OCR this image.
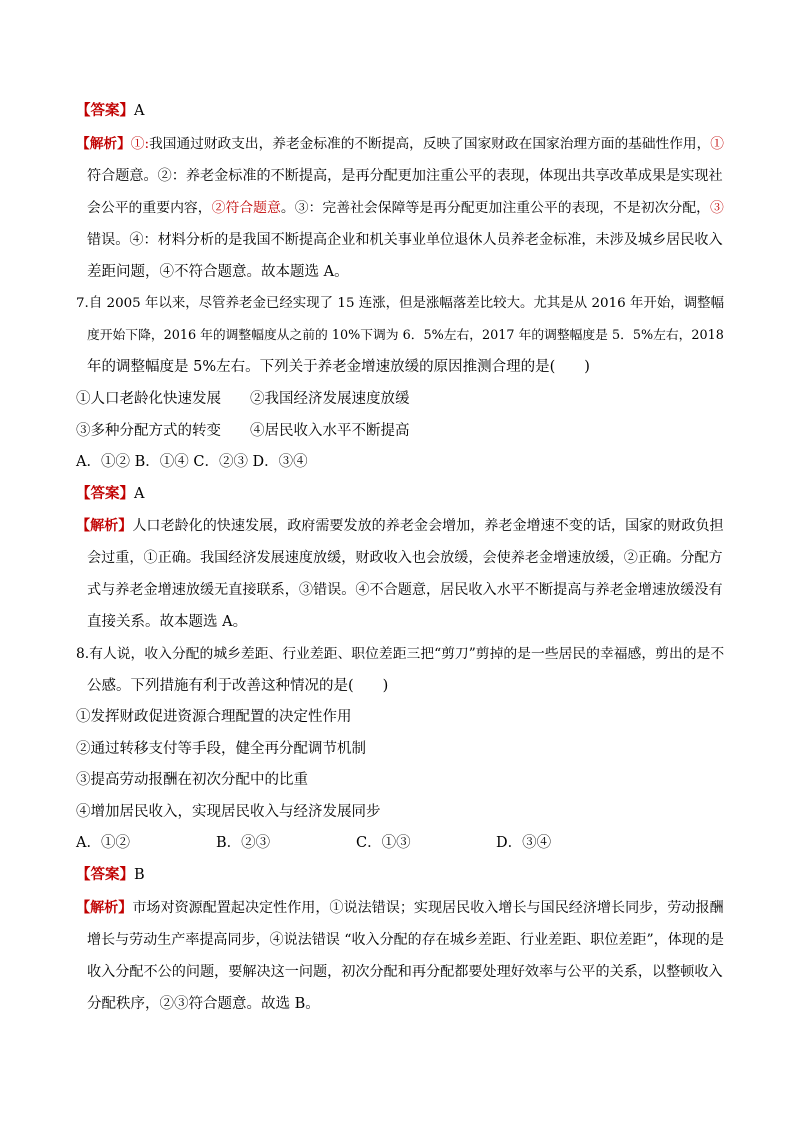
【答案】A
【解析】①:我国通过财政支出，养老金标准的不断提高，反映了国家财政在国家治理方面的基础性作用，①
符合题意。②：养老金标准的不断提高，是再分配更加注重公平的表现，体现出共享改革成果是实现社
会公平的重要内容，②符合题意。③：完善社会保障等是再分配更加注重公平的表现，不是初次分配，③
错误。④：材料分析的是我国不断提高企业和机关事业单位退休人员养老金标准，未涉及城乡居民收入
差距问题，④不符合题意。故本题选 A。
7.自 2005 年以来，尽管养老金已经实现了 15 连涨，但是涨幅落差比较大。尤其是从 2016 年开始，调整幅
度开始下降，2016 年的调整幅度从之前的 10%下调为 6．5%左右，2017 年的调整幅度是 5．5%左右，2018
年的调整幅度是 5%左右。下列关于养老金增速放缓的原因推测合理的是(　　)
①人口老龄化快速发展　　②我国经济发展速度放缓
③多种分配方式的转变　　④居民收入水平不断提高
A．①② B．①④ C．②③ D．③④
【答案】A
【解析】人口老龄化的快速发展，政府需要发放的养老金会增加，养老金增速不变的话，国家的财政负担
会过重，①正确。我国经济发展速度放缓，财政收入也会放缓，会使养老金增速放缓，②正确。分配方
式与养老金增速放缓无直接联系，③错误。④不合题意，居民收入水平不断提高与养老金增速放缓没有
直接关系。故本题选 A。
8.有人说，收入分配的城乡差距、行业差距、职位差距三把“剪刀”剪掉的是一些居民的幸福感，剪出的是不
公感。下列措施有利于改善这种情况的是(　　)
①发挥财政促进资源合理配置的决定性作用
②通过转移支付等手段，健全再分配调节机制
③提高劳动报酬在初次分配中的比重
④增加居民收入，实现居民收入与经济发展同步
A．①②	B．②③	C．①③	D．③④
【答案】B
【解析】市场对资源配置起决定性作用，①说法错误；实现居民收入增长与国民经济增长同步，劳动报酬
增长与劳动生产率提高同步，④说法错误 “收入分配的存在城乡差距、行业差距、职位差距”，体现的是
收入分配不公的问题，要解决这一问题，初次分配和再分配都要处理好效率与公平的关系，以整顿收入
分配秩序，②③符合题意。故选 B。
